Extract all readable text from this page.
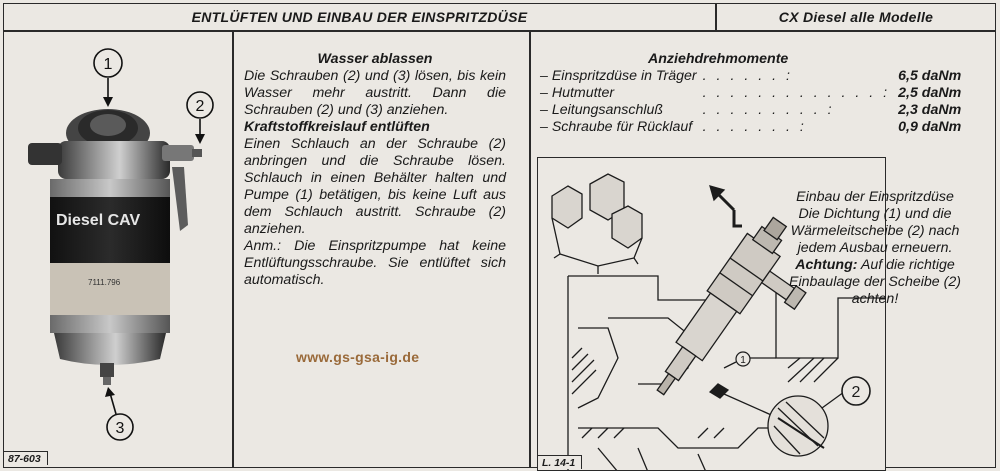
ENTLÜFTEN UND EINBAU DER EINSPRITZDÜSE	CX Diesel alle Modelle
Diesel CAV
7111.796
1
2
3
87-603
Wasser ablassen
Die Schrauben (2) und (3) lösen, bis kein Wasser mehr austritt. Dann die Schrauben (2) und (3) anziehen.
Kraftstoffkreislauf entlüften
Einen Schlauch an der Schraube (2) anbringen und die Schraube lösen. Schlauch in einen Behälter halten und Pumpe (1) betätigen, bis keine Luft aus dem Schlauch austritt. Schraube (2) anziehen.
Anm.: Die Einspritzpumpe hat keine Entlüftungsschraube. Sie entlüftet sich automatisch.
www.gs-gsa-ig.de
Anziehdrehmomente
– Einspritzdüse in Träger	. . . . . . :	6,5 daNm
– Hutmutter	. . . . . . . . . . . . . :	2,5 daNm
– Leitungsanschluß	. . . . . . . . . :	2,3 daNm
– Schraube für Rücklauf	. . . . . . . :	0,9 daNm
1
2
L. 14-1
Einbau der Einspritzdüse
Die Dichtung (1) und die Wärmeleitscheibe (2) nach jedem Ausbau erneuern.
Achtung: Auf die richtige Einbaulage der Scheibe (2) achten!
